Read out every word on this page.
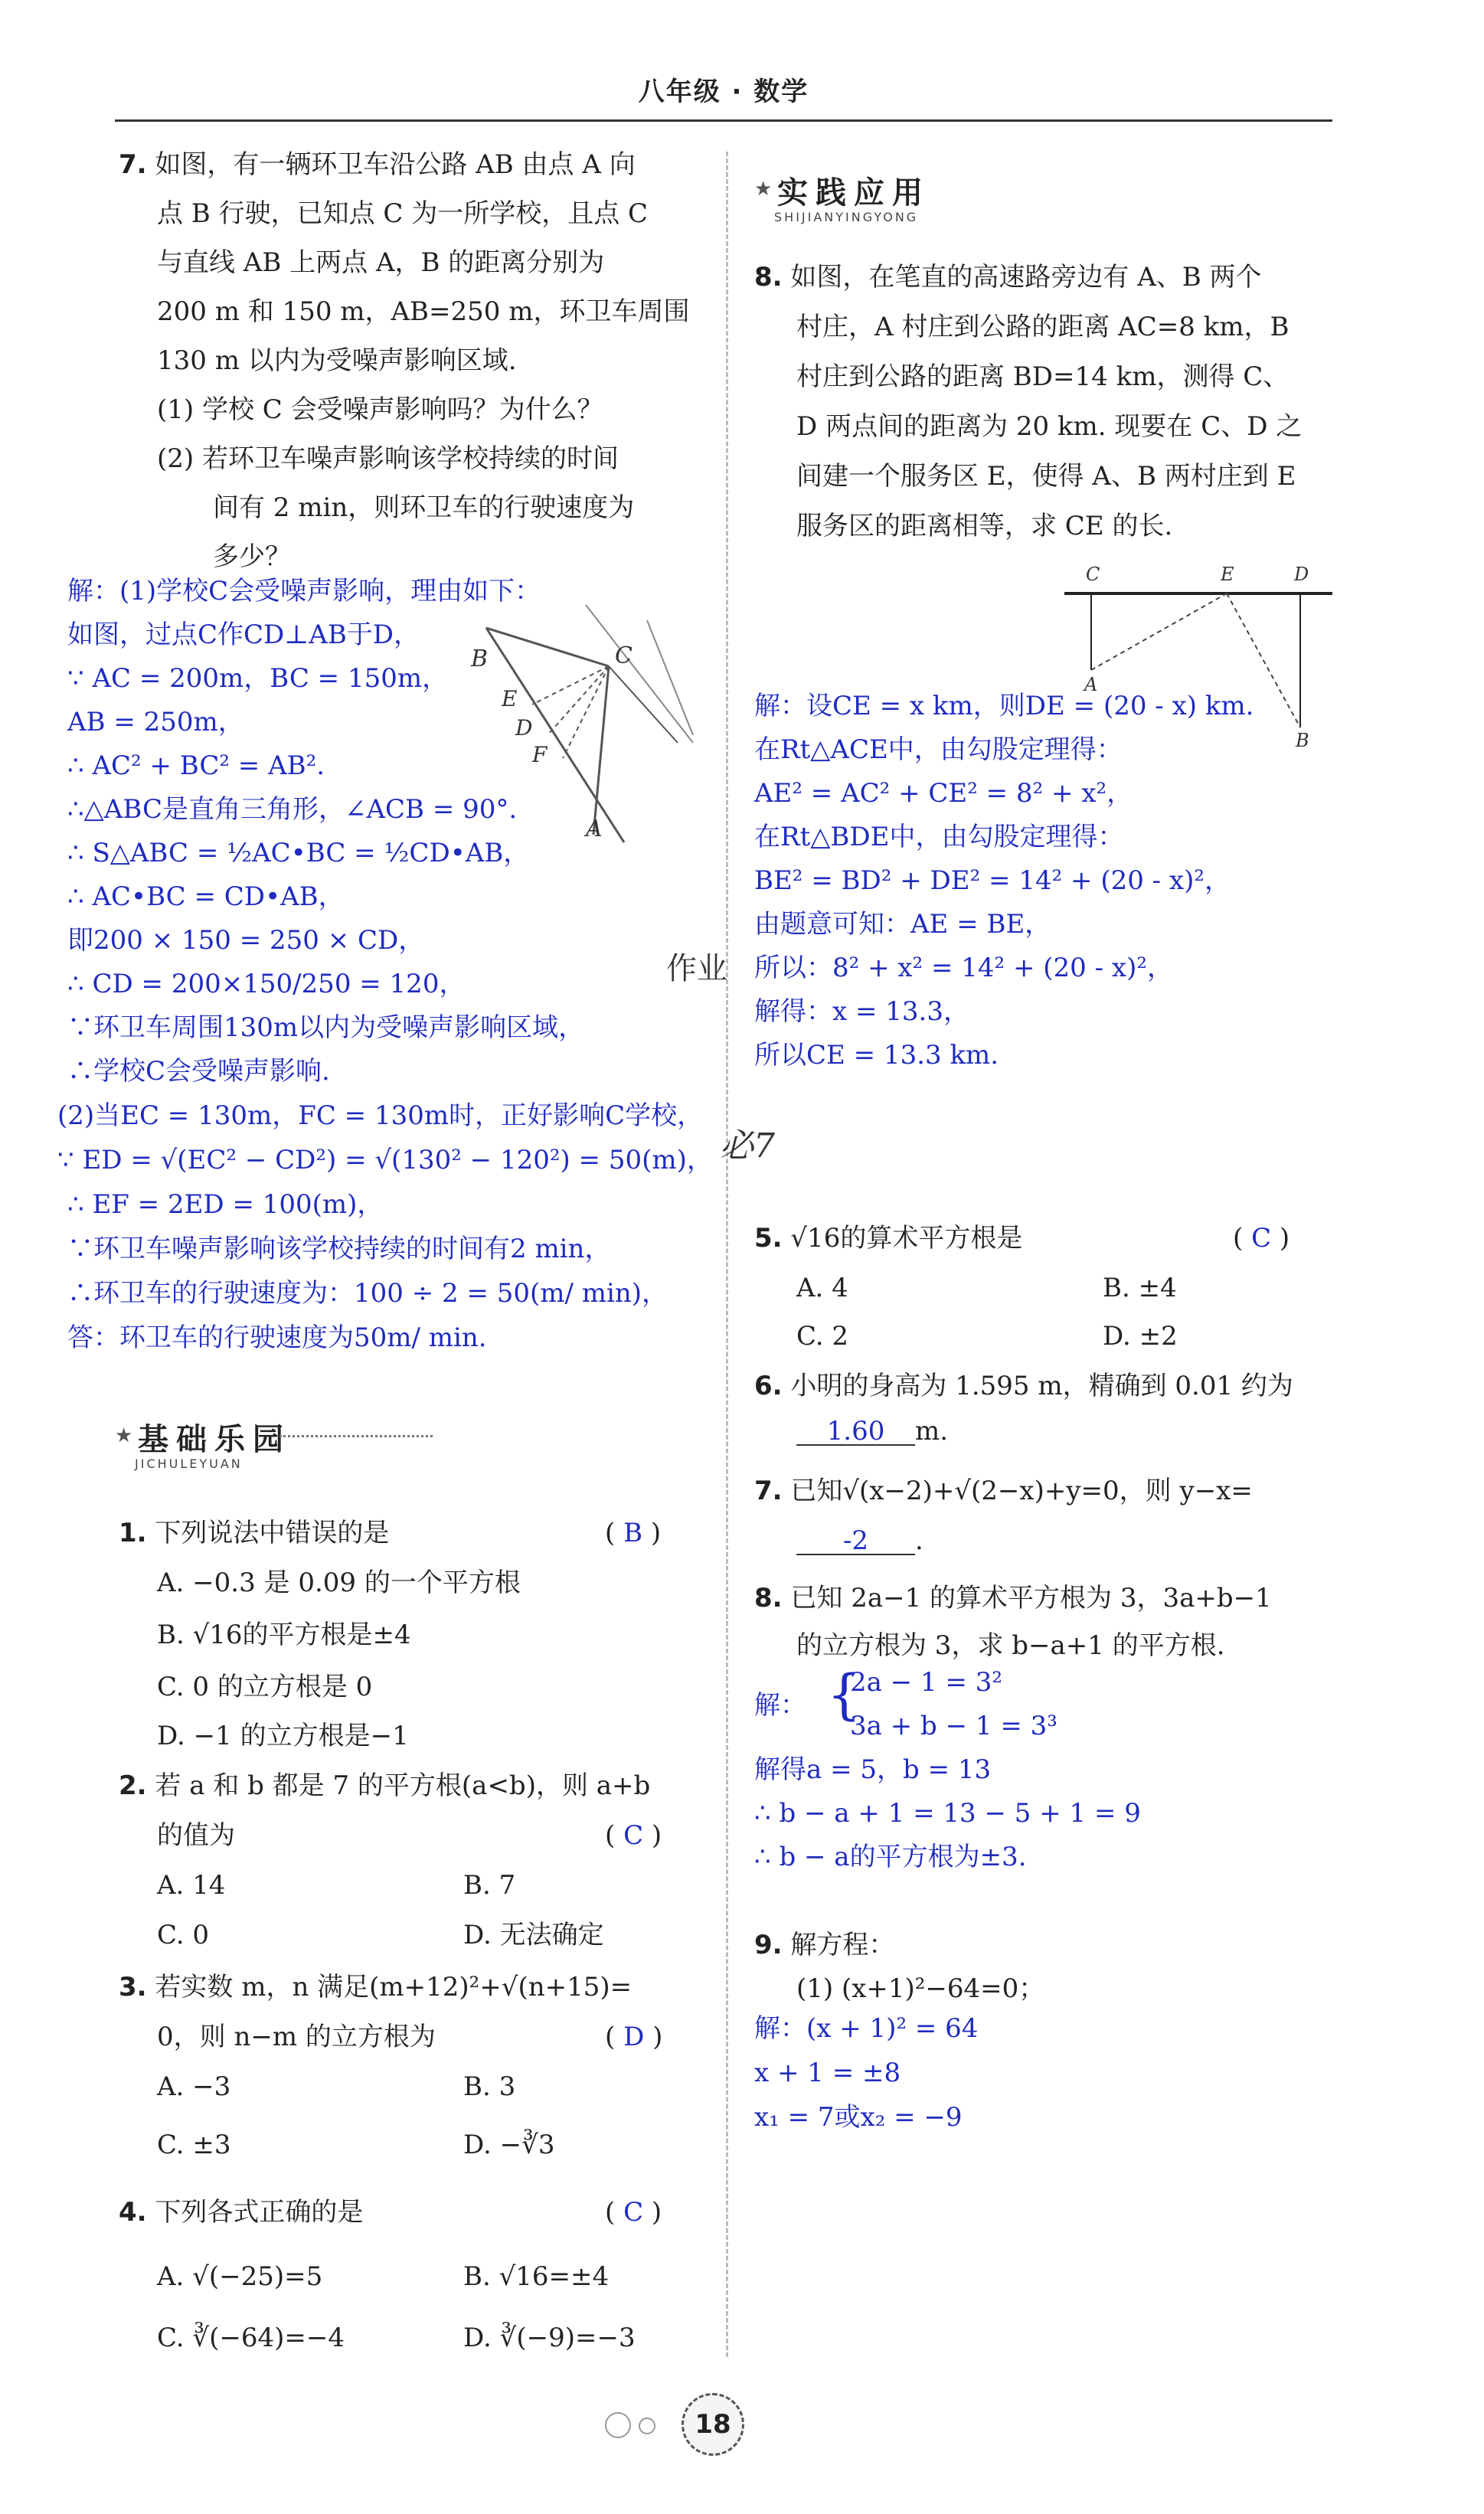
八年级 · 数学
7. 如图，有一辆环卫车沿公路 AB 由点 A 向
点 B 行驶，已知点 C 为一所学校，且点 C
与直线 AB 上两点 A，B 的距离分别为
200 m 和 150 m，AB=250 m，环卫车周围
130 m 以内为受噪声影响区域.
(1) 学校 C 会受噪声影响吗？为什么？
(2) 若环卫车噪声影响该学校持续的时间
间有 2 min，则环卫车的行驶速度为
多少？
B	C
E
D
F
A
解：(1)学校C会受噪声影响，理由如下：
如图，过点C作CD⊥AB于D，
∵ AC = 200m，BC = 150m，
AB = 250m，
∴ AC² + BC² = AB².
∴△ABC是直角三角形，∠ACB = 90°.
∴ S△ABC = ½AC•BC = ½CD•AB，
∴ AC•BC = CD•AB，
即200 × 150 = 250 × CD，
∴ CD = 200×150/250 = 120，
∵环卫车周围130m以内为受噪声影响区域，
∴学校C会受噪声影响.
(2)当EC = 130m，FC = 130m时，正好影响C学校，
∵ ED = √(EC² − CD²) = √(130² − 120²) = 50(m)，
∴ EF = 2ED = 100(m)，
∵环卫车噪声影响该学校持续的时间有2 min，
∴环卫车的行驶速度为：100 ÷ 2 = 50(m/ min)，
答：环卫车的行驶速度为50m/ min.
★ 基础乐园
JICHULEYUAN
1. 下列说法中错误的是	( B )
A. −0.3 是 0.09 的一个平方根
B. √16的平方根是±4
C. 0 的立方根是 0
D. −1 的立方根是−1
2. 若 a 和 b 都是 7 的平方根(a<b)，则 a+b
的值为	( C )
A. 14	B. 7
C. 0	D. 无法确定
3. 若实数 m，n 满足(m+12)²+√(n+15)=
0，则 n−m 的立方根为	( D )
A. −3	B. 3
C. ±3	D. −∛3
4. 下列各式正确的是	( C )
A. √(−25)=5	B. √16=±4
C. ∛(−64)=−4	D. ∛(−9)=−3
★ 实践应用
SHIJIANYINGYONG
8. 如图，在笔直的高速路旁边有 A、B 两个
村庄，A 村庄到公路的距离 AC=8 km，B
村庄到公路的距离 BD=14 km，测得 C、
D 两点间的距离为 20 km. 现要在 C、D 之
间建一个服务区 E，使得 A、B 两村庄到 E
服务区的距离相等，求 CE 的长.
C	E	D
A
B
解：设CE = x km，则DE = (20 - x) km.
在Rt△ACE中，由勾股定理得：
AE² = AC² + CE² = 8² + x²，
在Rt△BDE中，由勾股定理得：
BE² = BD² + DE² = 14² + (20 - x)²，
由题意可知：AE = BE，
所以：8² + x² = 14² + (20 - x)²，
解得：x = 13.3，
所以CE = 13.3 km.
作业
必7
5. √16的算术平方根是	( C )
A. 4	B. ±4
C. 2	D. ±2
6. 小明的身高为 1.595 m，精确到 0.01 约为
1.60 m.
7. 已知√(x−2)+√(2−x)+y=0，则 y−x=
-2 .
8. 已知 2a−1 的算术平方根为 3，3a+b−1
的立方根为 3，求 b−a+1 的平方根.
解： {
2a − 1 = 3²
3a + b − 1 = 3³
解得a = 5，b = 13
∴ b − a + 1 = 13 − 5 + 1 = 9
∴ b − a的平方根为±3.
9. 解方程：
(1) (x+1)²−64=0；
解：(x + 1)² = 64
x + 1 = ±8
x₁ = 7或x₂ = −9
18
